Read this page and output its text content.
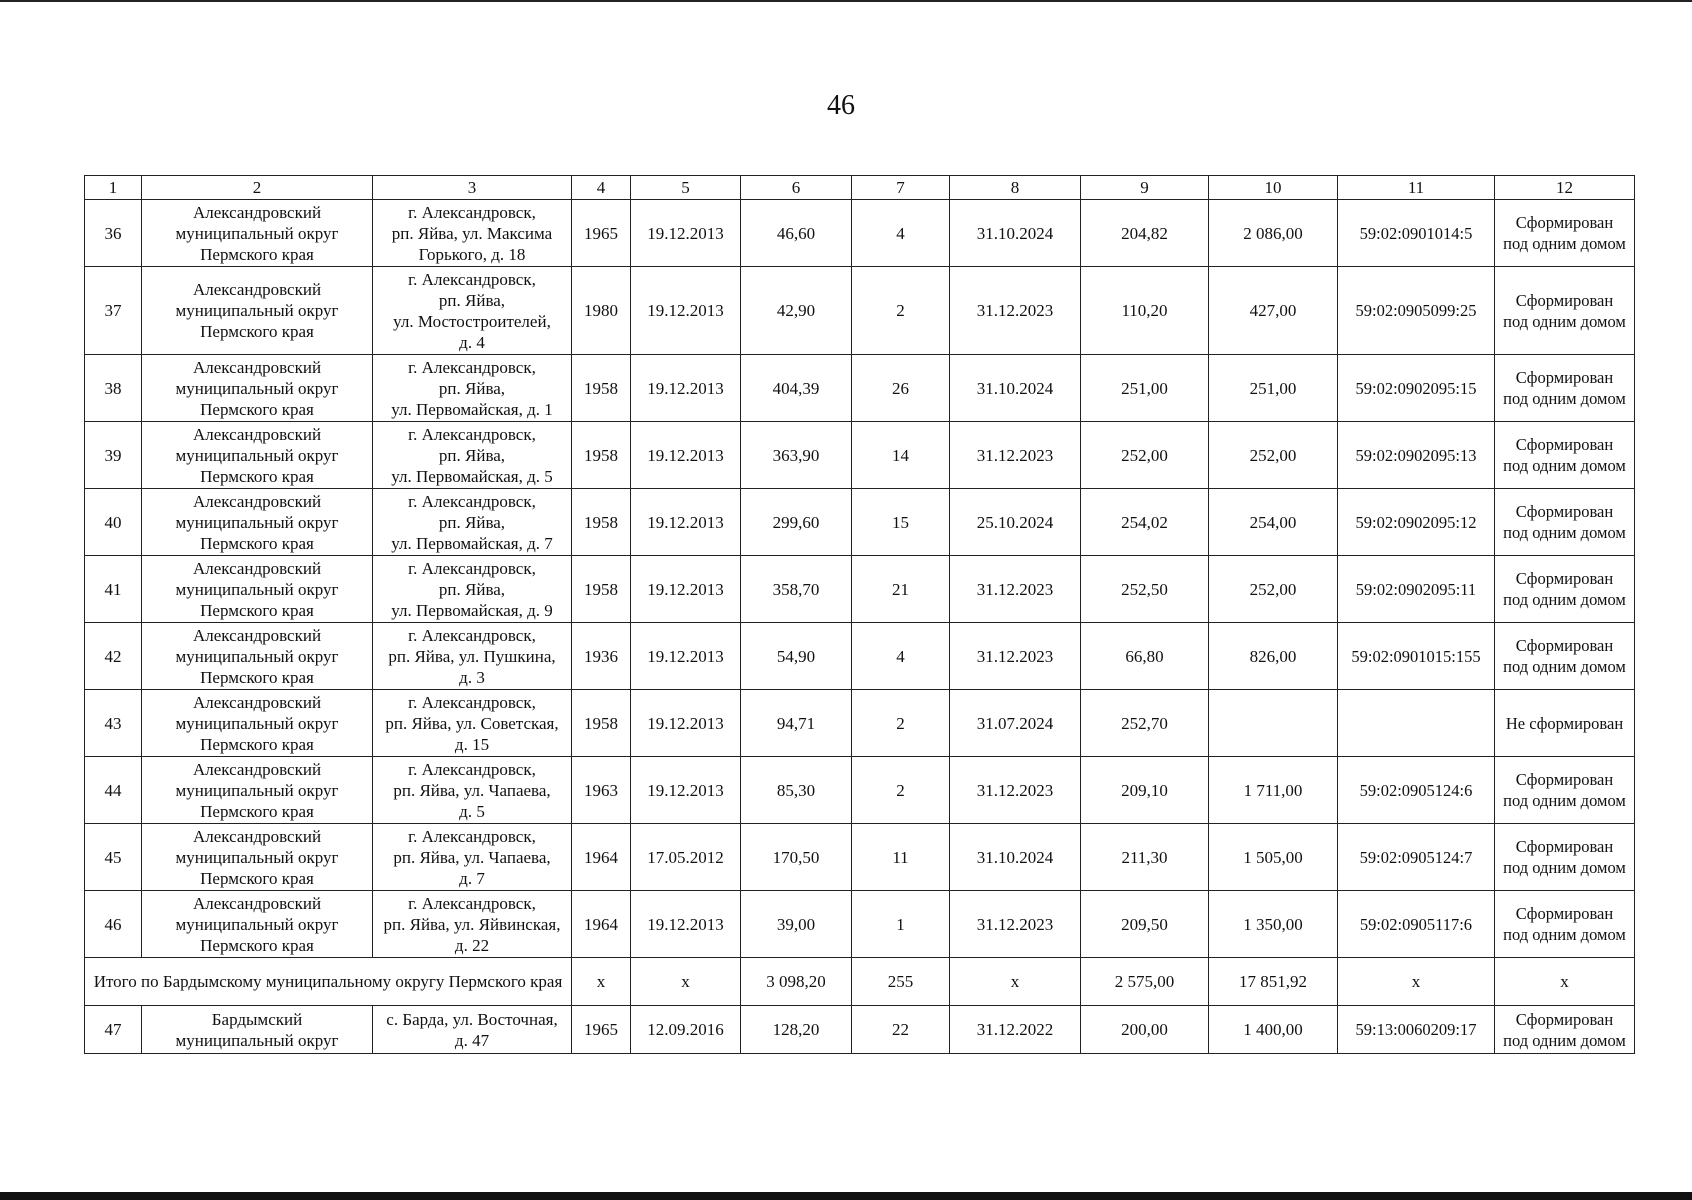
46
1	2	3	4	5	6	7	8	9	10	11	12
36	Александровский
муниципальный округ
Пермского края	г. Александровск,
рп. Яйва, ул. Максима
Горького, д. 18	1965	19.12.2013	46,60	4	31.10.2024	204,82	2 086,00	59:02:0901014:5	Сформирован
под одним домом
37	Александровский
муниципальный округ
Пермского края	г. Александровск,
рп. Яйва,
ул. Мостостроителей,
д. 4	1980	19.12.2013	42,90	2	31.12.2023	110,20	427,00	59:02:0905099:25	Сформирован
под одним домом
38	Александровский
муниципальный округ
Пермского края	г. Александровск,
рп. Яйва,
ул. Первомайская, д. 1	1958	19.12.2013	404,39	26	31.10.2024	251,00	251,00	59:02:0902095:15	Сформирован
под одним домом
39	Александровский
муниципальный округ
Пермского края	г. Александровск,
рп. Яйва,
ул. Первомайская, д. 5	1958	19.12.2013	363,90	14	31.12.2023	252,00	252,00	59:02:0902095:13	Сформирован
под одним домом
40	Александровский
муниципальный округ
Пермского края	г. Александровск,
рп. Яйва,
ул. Первомайская, д. 7	1958	19.12.2013	299,60	15	25.10.2024	254,02	254,00	59:02:0902095:12	Сформирован
под одним домом
41	Александровский
муниципальный округ
Пермского края	г. Александровск,
рп. Яйва,
ул. Первомайская, д. 9	1958	19.12.2013	358,70	21	31.12.2023	252,50	252,00	59:02:0902095:11	Сформирован
под одним домом
42	Александровский
муниципальный округ
Пермского края	г. Александровск,
рп. Яйва, ул. Пушкина,
д. 3	1936	19.12.2013	54,90	4	31.12.2023	66,80	826,00	59:02:0901015:155	Сформирован
под одним домом
43	Александровский
муниципальный округ
Пермского края	г. Александровск,
рп. Яйва, ул. Советская,
д. 15	1958	19.12.2013	94,71	2	31.07.2024	252,70			Не сформирован
44	Александровский
муниципальный округ
Пермского края	г. Александровск,
рп. Яйва, ул. Чапаева,
д. 5	1963	19.12.2013	85,30	2	31.12.2023	209,10	1 711,00	59:02:0905124:6	Сформирован
под одним домом
45	Александровский
муниципальный округ
Пермского края	г. Александровск,
рп. Яйва, ул. Чапаева,
д. 7	1964	17.05.2012	170,50	11	31.10.2024	211,30	1 505,00	59:02:0905124:7	Сформирован
под одним домом
46	Александровский
муниципальный округ
Пермского края	г. Александровск,
рп. Яйва, ул. Яйвинская,
д. 22	1964	19.12.2013	39,00	1	31.12.2023	209,50	1 350,00	59:02:0905117:6	Сформирован
под одним домом
Итого по Бардымскому муниципальному округу Пермского края			х	х	3 098,20	255	х	2 575,00	17 851,92	х	х
47	Бардымский
муниципальный округ	с. Барда, ул. Восточная,
д. 47	1965	12.09.2016	128,20	22	31.12.2022	200,00	1 400,00	59:13:0060209:17	Сформирован
под одним домом
